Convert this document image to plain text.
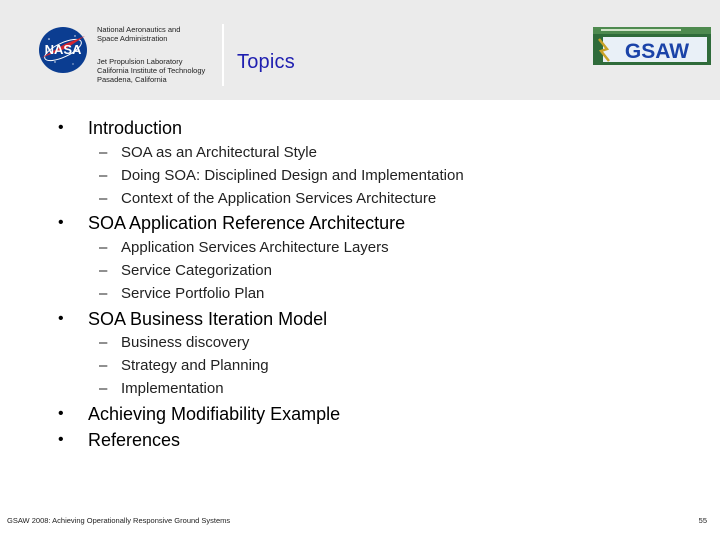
NASA
National Aeronautics and
Space Administration
Jet Propulsion Laboratory
California Institute of Technology
Pasadena, California
Topics	GSAW
• Introduction
– SOA as an Architectural Style
– Doing SOA: Disciplined Design and Implementation
– Context of the Application Services Architecture
• SOA Application Reference Architecture
– Application Services Architecture Layers
– Service Categorization
– Service Portfolio Plan
• SOA Business Iteration Model
– Business discovery
– Strategy and Planning
– Implementation
• Achieving Modifiability Example
• References
GSAW 2008: Achieving Operationally Responsive Ground Systems	55
